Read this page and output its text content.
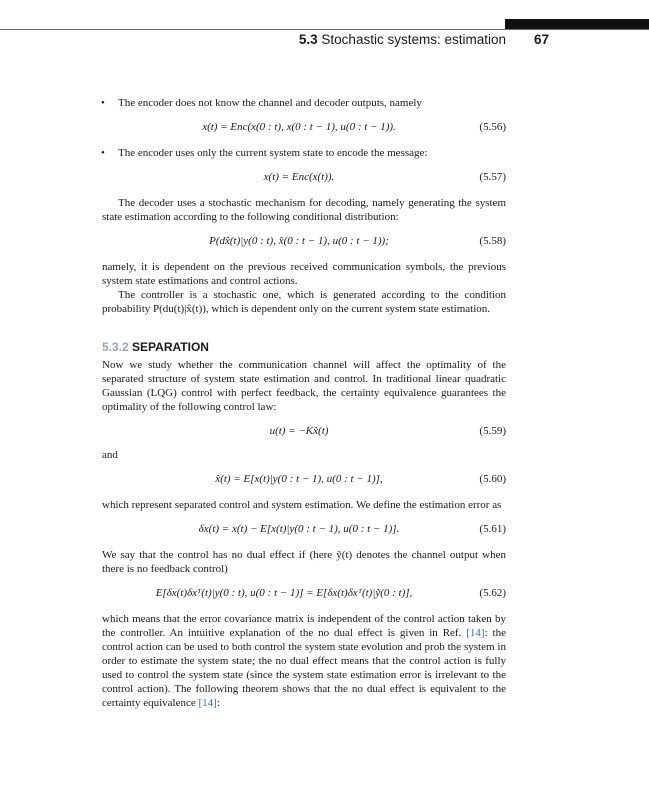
5.3 Stochastic systems: estimation 67
• The encoder does not know the channel and decoder outputs, namely
x(t) = Enc(x(0 : t), x(0 : t − 1), u(0 : t − 1)).	(5.56)
• The encoder uses only the current system state to encode the message:
x(t) = Enc(x(t)).	(5.57)

The decoder uses a stochastic mechanism for decoding, namely generating the system state estimation according to the following conditional distribution:

P(dx̂(t)|y(0 : t), x̂(0 : t − 1), u(0 : t − 1));	(5.58)

namely, it is dependent on the previous received communication symbols, the previous system state estimations and control actions.

The controller is a stochastic one, which is generated according to the condition probability P(du(t)|x̂(t)), which is dependent only on the current system state estimation.

5.3.2 SEPARATION

Now we study whether the communication channel will affect the optimality of the separated structure of system state estimation and control. In traditional linear quadratic Gaussian (LQG) control with perfect feedback, the certainty equivalence guarantees the optimality of the following control law:

u(t) = −Kx̂(t)	(5.59)
and
x̂(t) = E[x(t)|y(0 : t − 1), u(0 : t − 1)],	(5.60)

which represent separated control and system estimation. We define the estimation error as

δx(t) = x(t) − E[x(t)|y(0 : t − 1), u(0 : t − 1)].	(5.61)

We say that the control has no dual effect if (here ỹ(t) denotes the channel output when there is no feedback control)

E[δx(t)δxᵀ(t)|y(0 : t), u(0 : t − 1)] = E[δx(t)δxᵀ(t)|ỹ(0 : t)],	(5.62)

which means that the error covariance matrix is independent of the control action taken by the controller. An intuitive explanation of the no dual effect is given in Ref. [14]: the control action can be used to both control the system state evolution and prob the system in order to estimate the system state; the no dual effect means that the control action is fully used to control the system state (since the system state estimation error is irrelevant to the control action). The following theorem shows that the no dual effect is equivalent to the certainty equivalence [14]:
